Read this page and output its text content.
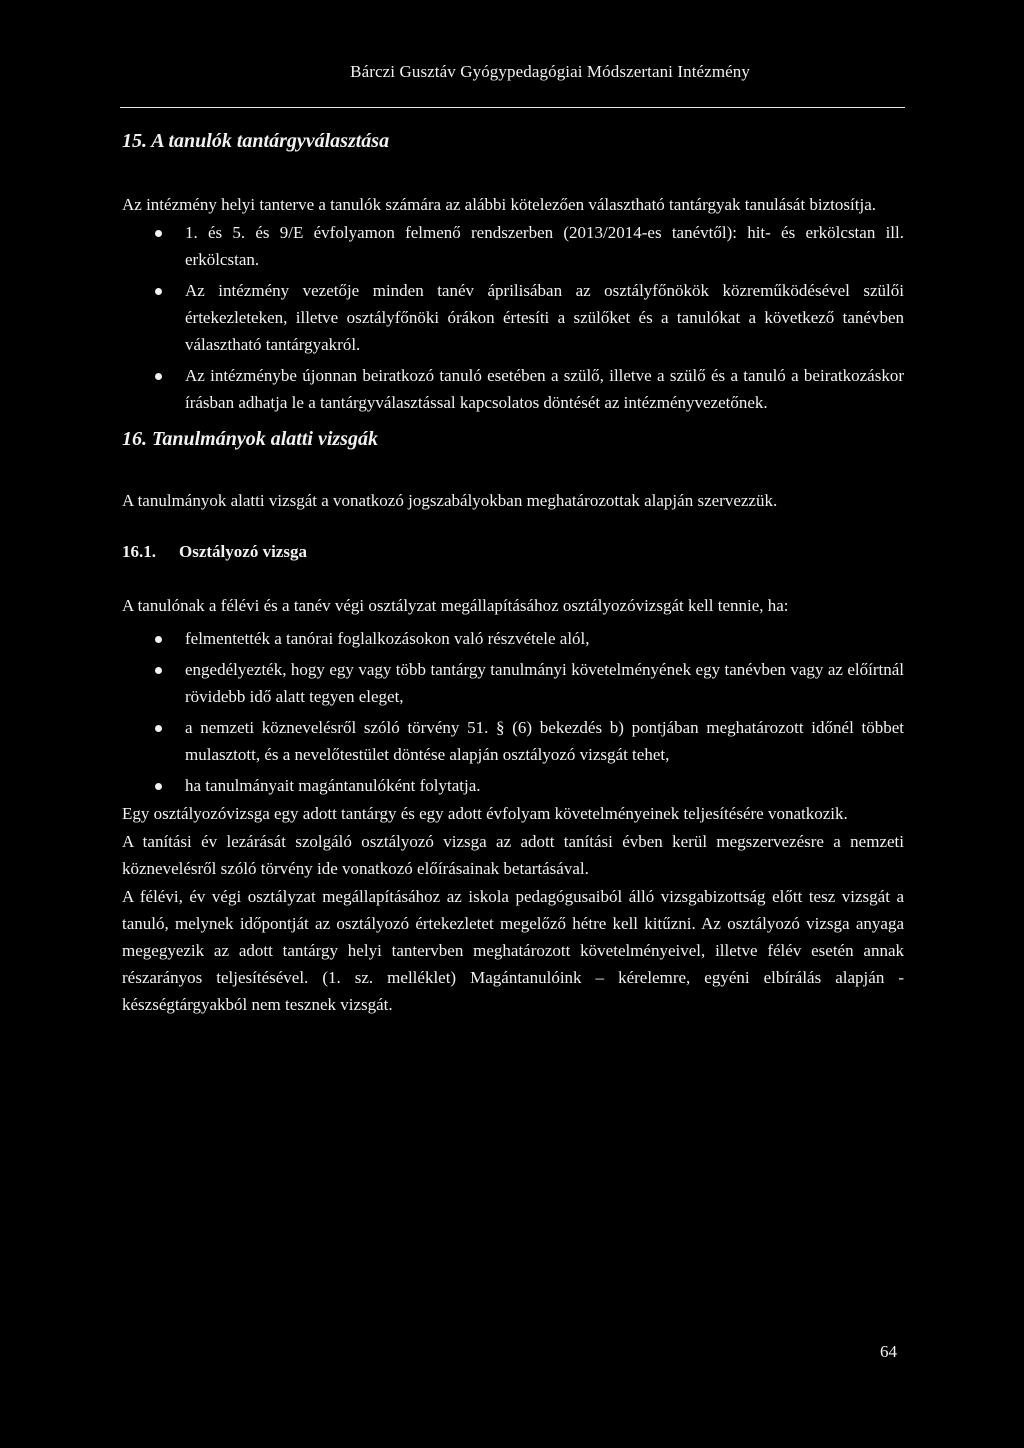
Bárczi Gusztáv Gyógypedagógiai Módszertani Intézmény
15. A tanulók tantárgyválasztása

Az intézmény helyi tanterve a tanulók számára az alábbi kötelezően választható tantárgyak tanulását biztosítja.

1. és 5. és 9/E évfolyamon felmenő rendszerben (2013/2014-es tanévtől): hit- és erkölcstan ill. erkölcstan.
Az intézmény vezetője minden tanév áprilisában az osztályfőnökök közreműködésével szülői értekezleteken, illetve osztályfőnöki órákon értesíti a szülőket és a tanulókat a következő tanévben választható tantárgyakról.
Az intézménybe újonnan beiratkozó tanuló esetében a szülő, illetve a szülő és a tanuló a beiratkozáskor írásban adhatja le a tantárgyválasztással kapcsolatos döntését az intézményvezetőnek.
16. Tanulmányok alatti vizsgák

A tanulmányok alatti vizsgát a vonatkozó jogszabályokban meghatározottak alapján szervezzük.

16.1. Osztályozó vizsga

A tanulónak a félévi és a tanév végi osztályzat megállapításához osztályozóvizsgát kell tennie, ha:

felmentették a tanórai foglalkozásokon való részvétele alól,
engedélyezték, hogy egy vagy több tantárgy tanulmányi követelményének egy tanévben vagy az előírtnál rövidebb idő alatt tegyen eleget,
a nemzeti köznevelésről szóló törvény 51. § (6) bekezdés b) pontjában meghatározott időnél többet mulasztott, és a nevelőtestület döntése alapján osztályozó vizsgát tehet,
ha tanulmányait magántanulóként folytatja.

Egy osztályozóvizsga egy adott tantárgy és egy adott évfolyam követelményeinek teljesítésére vonatkozik.

A tanítási év lezárását szolgáló osztályozó vizsga az adott tanítási évben kerül megszervezésre a nemzeti köznevelésről szóló törvény ide vonatkozó előírásainak betartásával.

A félévi, év végi osztályzat megállapításához az iskola pedagógusaiból álló vizsgabizottság előtt tesz vizsgát a tanuló, melynek időpontját az osztályozó értekezletet megelőző hétre kell kitűzni. Az osztályozó vizsga anyaga megegyezik az adott tantárgy helyi tantervben meghatározott követelményeivel, illetve félév esetén annak részarányos teljesítésével. (1. sz. melléklet) Magántanulóink – kérelemre, egyéni elbírálás alapján - készségtárgyakból nem tesznek vizsgát.

64
